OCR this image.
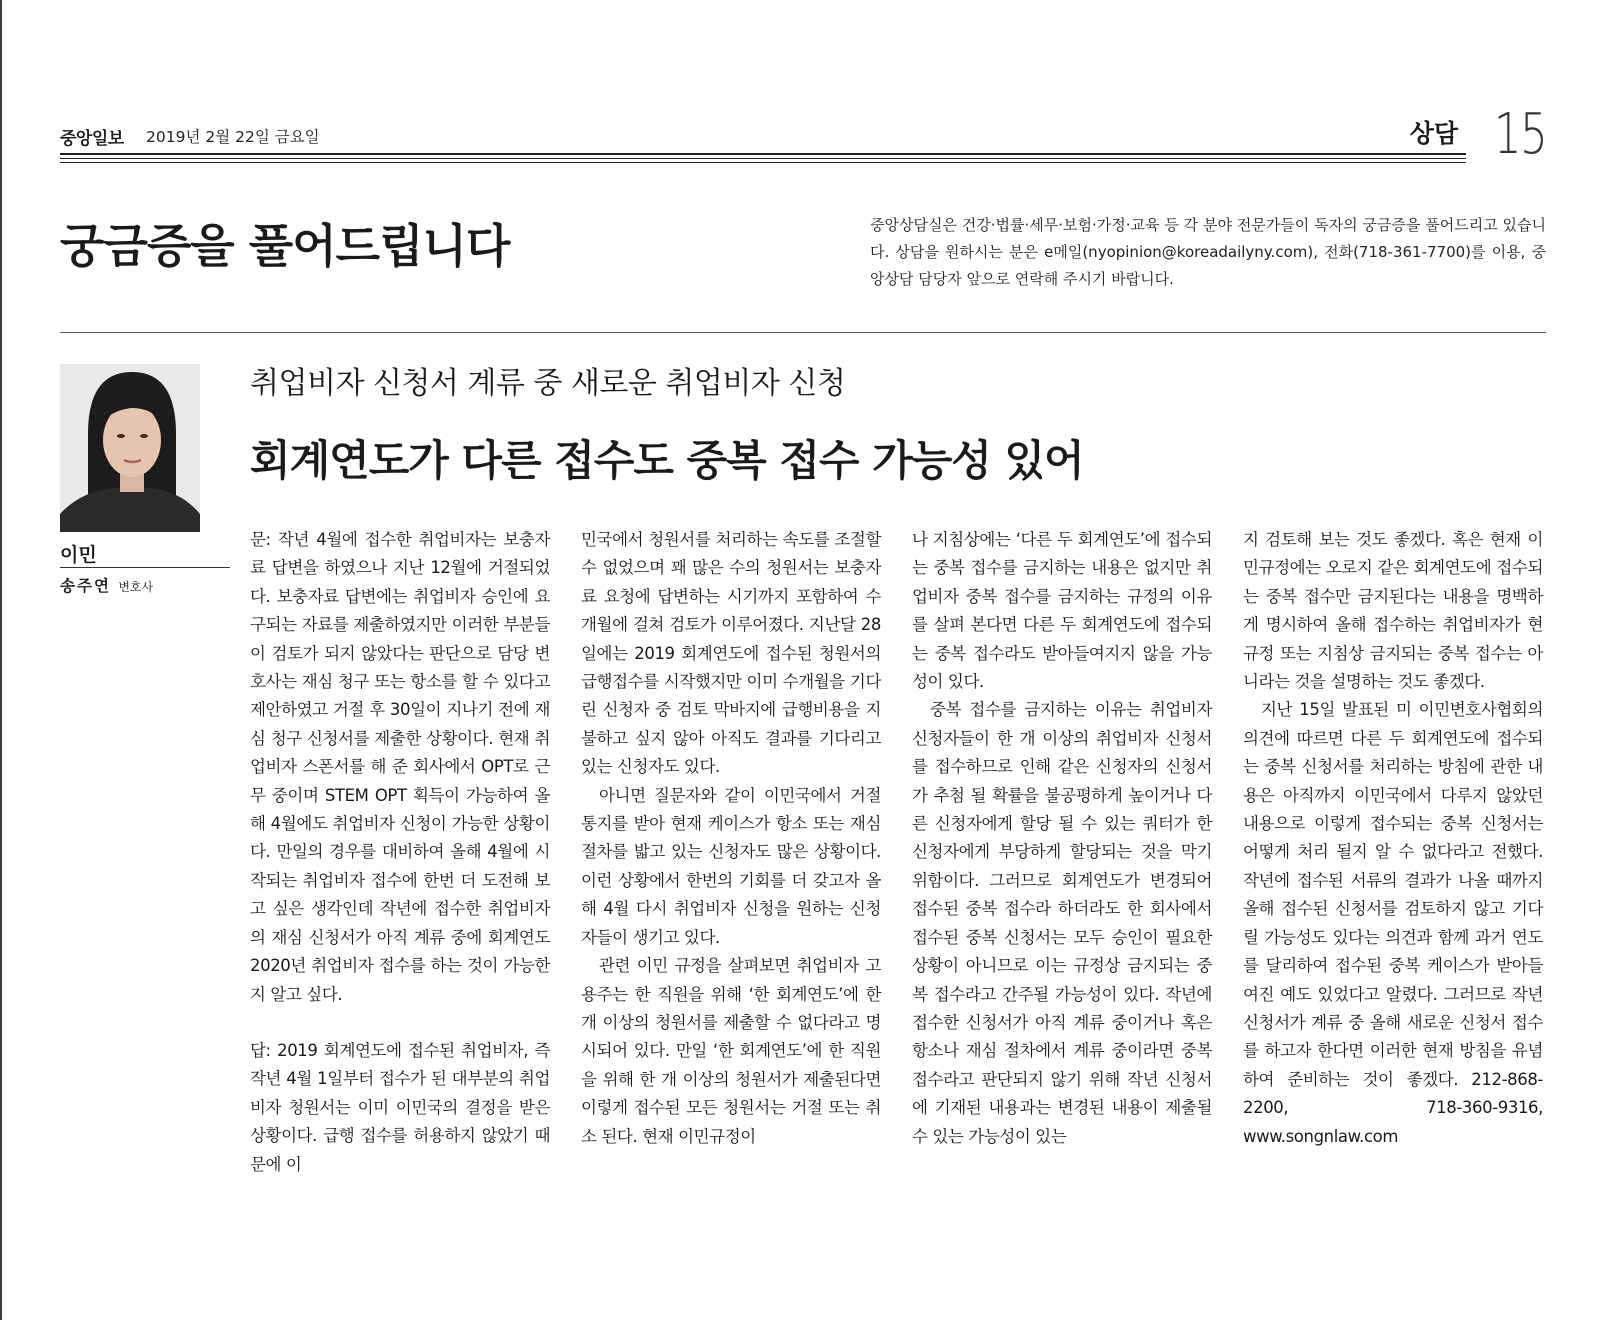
중앙일보 2019년 2월 22일 금요일	상담 15
궁금증을 풀어드립니다	중앙상담실은 건강·법률·세무·보험·가정·교육 등 각 분야 전문가들이 독자의 궁금증을 풀어드리고 있습니다. 상담을 원하시는 분은 e메일(nyopinion@koreadailyny.com), 전화(718-361-7700)를 이용, 중앙상담 담당자 앞으로 연락해 주시기 바랍니다.
이민
송주연 변호사
취업비자 신청서 계류 중 새로운 취업비자 신청
회계연도가 다른 접수도 중복 접수 가능성 있어

문: 작년 4월에 접수한 취업비자는 보충자료 답변을 하였으나 지난 12월에 거절되었다. 보충자료 답변에는 취업비자 승인에 요구되는 자료를 제출하였지만 이러한 부분들이 검토가 되지 않았다는 판단으로 담당 변호사는 재심 청구 또는 항소를 할 수 있다고 제안하였고 거절 후 30일이 지나기 전에 재심 청구 신청서를 제출한 상황이다. 현재 취업비자 스폰서를 해 준 회사에서 OPT로 근무 중이며 STEM OPT 획득이 가능하여 올해 4월에도 취업비자 신청이 가능한 상황이다. 만일의 경우를 대비하여 올해 4월에 시작되는 취업비자 접수에 한번 더 도전해 보고 싶은 생각인데 작년에 접수한 취업비자의 재심 신청서가 아직 계류 중에 회계연도 2020년 취업비자 접수를 하는 것이 가능한지 알고 싶다.

답: 2019 회계연도에 접수된 취업비자, 즉 작년 4월 1일부터 접수가 된 대부분의 취업비자 청원서는 이미 이민국의 결정을 받은 상황이다. 급행 접수를 허용하지 않았기 때문에 이

민국에서 청원서를 처리하는 속도를 조절할 수 없었으며 꽤 많은 수의 청원서는 보충자료 요청에 답변하는 시기까지 포함하여 수개월에 걸쳐 검토가 이루어졌다. 지난달 28일에는 2019 회계연도에 접수된 청원서의 급행접수를 시작했지만 이미 수개월을 기다린 신청자 중 검토 막바지에 급행비용을 지불하고 싶지 않아 아직도 결과를 기다리고 있는 신청자도 있다.

아니면 질문자와 같이 이민국에서 거절 통지를 받아 현재 케이스가 항소 또는 재심 절차를 밟고 있는 신청자도 많은 상황이다. 이런 상황에서 한번의 기회를 더 갖고자 올해 4월 다시 취업비자 신청을 원하는 신청자들이 생기고 있다.

관련 이민 규정을 살펴보면 취업비자 고용주는 한 직원을 위해 ‘한 회계연도’에 한 개 이상의 청원서를 제출할 수 없다라고 명시되어 있다. 만일 ‘한 회계연도’에 한 직원을 위해 한 개 이상의 청원서가 제출된다면 이렇게 접수된 모든 청원서는 거절 또는 취소 된다. 현재 이민규정이

나 지침상에는 ‘다른 두 회계연도’에 접수되는 중복 접수를 금지하는 내용은 없지만 취업비자 중복 접수를 금지하는 규정의 이유를 살펴 본다면 다른 두 회계연도에 접수되는 중복 접수라도 받아들여지지 않을 가능성이 있다.

중복 접수를 금지하는 이유는 취업비자 신청자들이 한 개 이상의 취업비자 신청서를 접수하므로 인해 같은 신청자의 신청서가 추첨 될 확률을 불공평하게 높이거나 다른 신청자에게 할당 될 수 있는 쿼터가 한 신청자에게 부당하게 할당되는 것을 막기 위함이다. 그러므로 회계연도가 변경되어 접수된 중복 접수라 하더라도 한 회사에서 접수된 중복 신청서는 모두 승인이 필요한 상황이 아니므로 이는 규정상 금지되는 중복 접수라고 간주될 가능성이 있다. 작년에 접수한 신청서가 아직 계류 중이거나 혹은 항소나 재심 절차에서 계류 중이라면 중복 접수라고 판단되지 않기 위해 작년 신청서에 기재된 내용과는 변경된 내용이 제출될 수 있는 가능성이 있는

지 검토해 보는 것도 좋겠다. 혹은 현재 이민규정에는 오로지 같은 회계연도에 접수되는 중복 접수만 금지된다는 내용을 명백하게 명시하여 올해 접수하는 취업비자가 현 규정 또는 지침상 금지되는 중복 접수는 아니라는 것을 설명하는 것도 좋겠다.

지난 15일 발표된 미 이민변호사협회의 의견에 따르면 다른 두 회계연도에 접수되는 중복 신청서를 처리하는 방침에 관한 내용은 아직까지 이민국에서 다루지 않았던 내용으로 이렇게 접수되는 중복 신청서는 어떻게 처리 될지 알 수 없다라고 전했다. 작년에 접수된 서류의 결과가 나올 때까지 올해 접수된 신청서를 검토하지 않고 기다릴 가능성도 있다는 의견과 함께 과거 연도를 달리하여 접수된 중복 케이스가 받아들여진 예도 있었다고 알렸다. 그러므로 작년 신청서가 계류 중 올해 새로운 신청서 접수를 하고자 한다면 이러한 현재 방침을 유념하여 준비하는 것이 좋겠다. 212-868-2200, 718-360-9316, www.songnlaw.com
